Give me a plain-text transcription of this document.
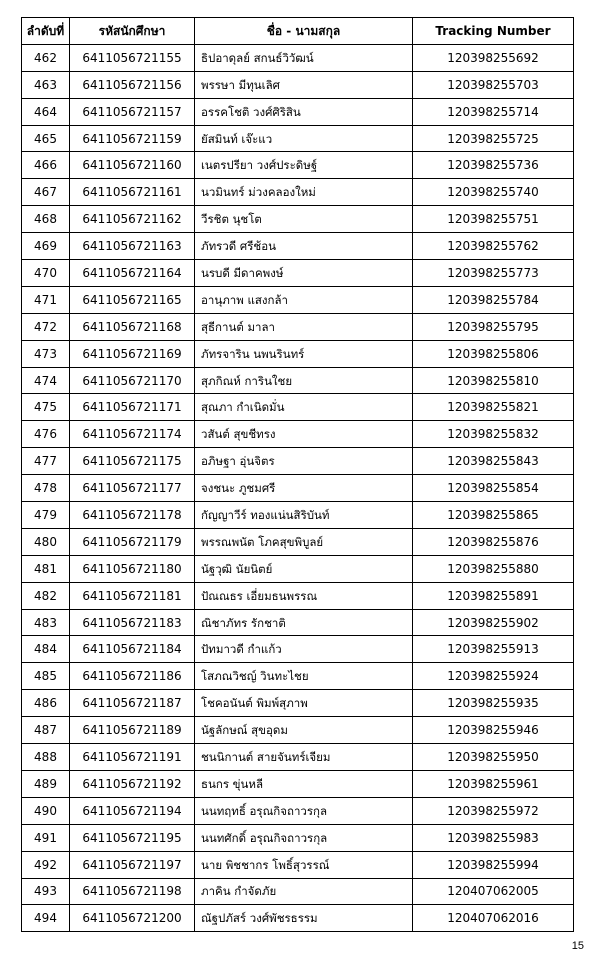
ลำดับที่	รหัสนักศึกษา	ชื่อ - นามสกุล	Tracking Number
462	6411056721155	ธิปอาดุลย์ สกนธ์วิวัฒน์	120398255692
463	6411056721156	พรรษา มีทุนเลิศ	120398255703
464	6411056721157	อรรคโชติ วงศ์ศิริสิน	120398255714
465	6411056721159	ยัสมินท์ เจ๊ะแว	120398255725
466	6411056721160	เนตรปรียา วงศ์ประดิษฐ์	120398255736
467	6411056721161	นวมินทร์ ม่วงคลองใหม่	120398255740
468	6411056721162	วีรชิต นุชโต	120398255751
469	6411056721163	ภัทรวดี ศรีช้อน	120398255762
470	6411056721164	นรบดี มีดาคพงษ์	120398255773
471	6411056721165	อานุภาพ แสงกล้า	120398255784
472	6411056721168	สุธีกานต์ มาลา	120398255795
473	6411056721169	ภัทรจาริน นพนรินทร์	120398255806
474	6411056721170	สุภกิณห์ การินใชย	120398255810
475	6411056721171	สุณภา กำเนิดมั่น	120398255821
476	6411056721174	วสันต์ สุขชีทรง	120398255832
477	6411056721175	อภิษฐา อุ่นจิตร	120398255843
478	6411056721177	จงชนะ ภูชมศรี	120398255854
479	6411056721178	กัญญาวีร์ ทองแน่นสิริบันท์	120398255865
480	6411056721179	พรรณพนัต โภคสุขพิบูลย์	120398255876
481	6411056721180	นัฐวุฒิ นัยนิตย์	120398255880
482	6411056721181	ปัณณธร เอี่ยมธนพรรณ	120398255891
483	6411056721183	ณิชาภัทร รักชาติ	120398255902
484	6411056721184	ปัทมาวดี กำแก้ว	120398255913
485	6411056721186	โสภณวิชญ์ วินทะไชย	120398255924
486	6411056721187	โชคอนันต์ พิมพ์สุภาพ	120398255935
487	6411056721189	นัฐลักษณ์ สุขอุดม	120398255946
488	6411056721191	ชนนิกานต์ สายจันทร์เจียม	120398255950
489	6411056721192	ธนกร ขุ่นหลี	120398255961
490	6411056721194	นนทฤทธิ์ อรุณกิจถาวรกุล	120398255972
491	6411056721195	นนทศักดิ์ อรุณกิจถาวรกุล	120398255983
492	6411056721197	นาย พิชชากร โพธิ์สุวรรณ์	120398255994
493	6411056721198	ภาคิน กำจัดภัย	120407062005
494	6411056721200	ณัฐปภัสร์ วงศ์พัชรธรรม	120407062016
15
